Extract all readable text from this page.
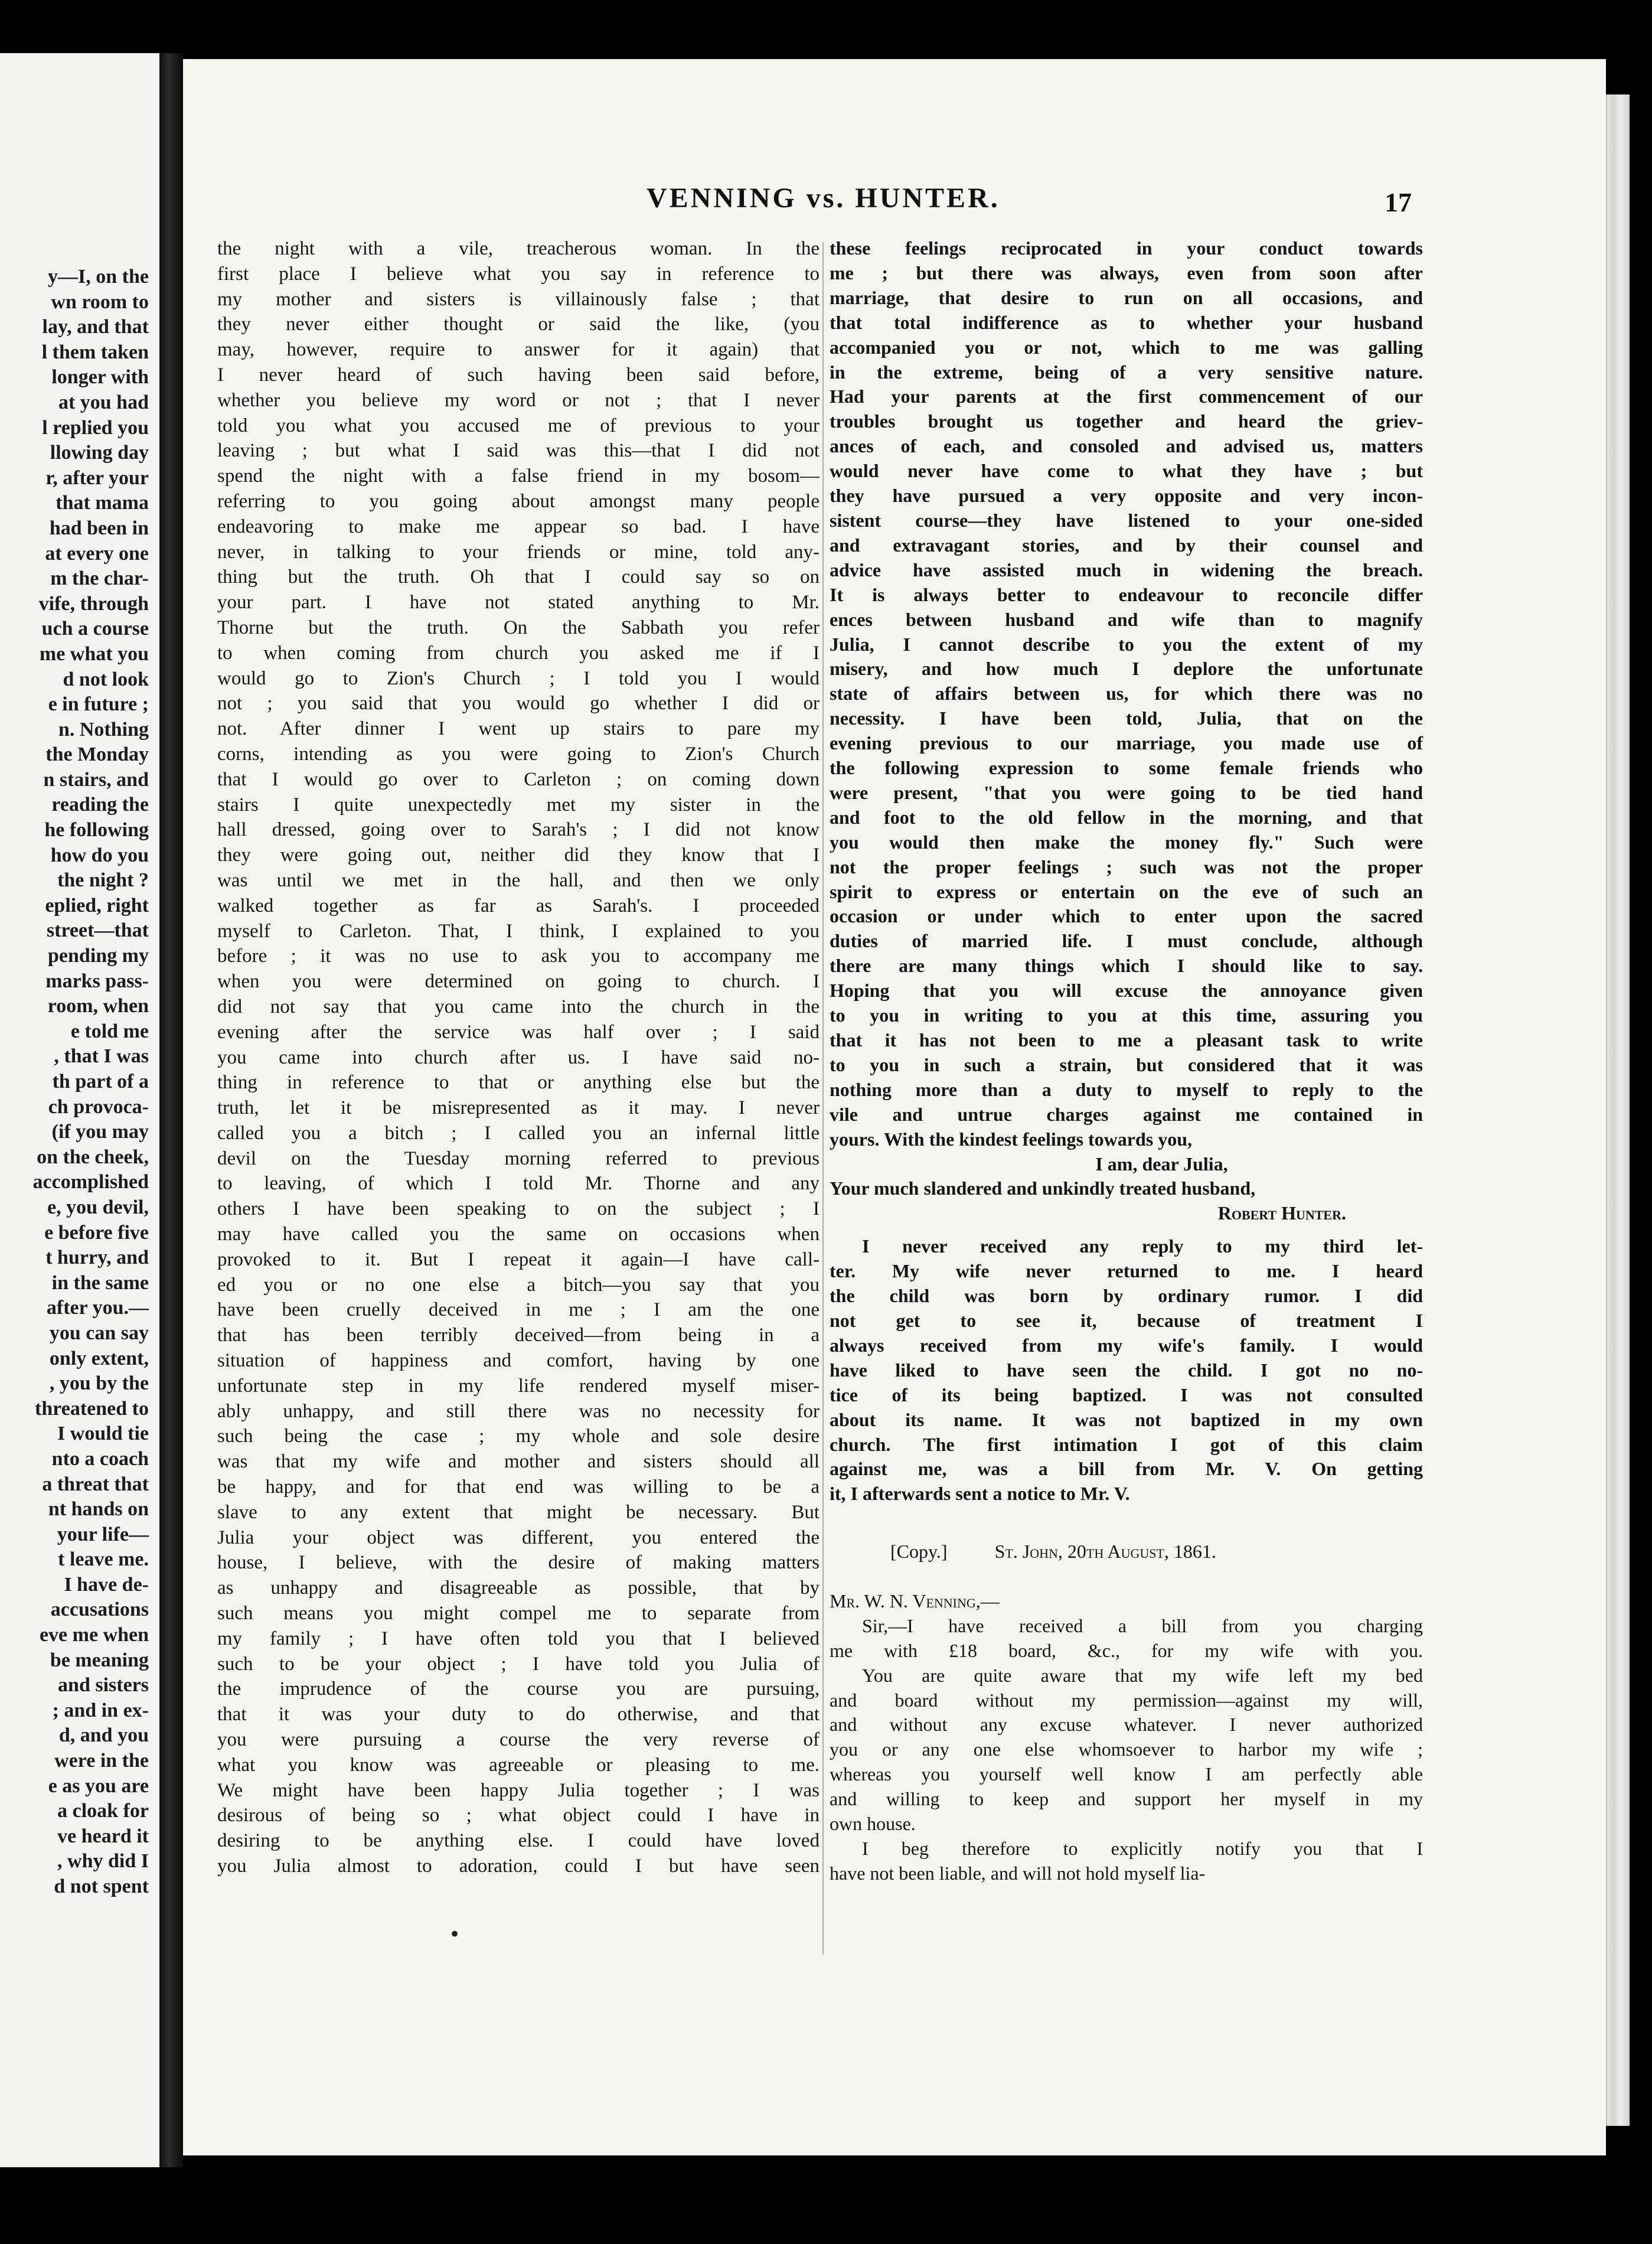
y—I, on the
wn room to
lay, and that
l them taken
longer with
at you had
l replied you
llowing day
r, after your
that mama
had been in
at every one
m the char-
vife, through
uch a course
me what you
d not look
e in future ;
n. Nothing
the Monday
n stairs, and
reading the
he following
how do you
the night ?
eplied, right
street—that
pending my
marks pass-
room, when
e told me
, that I was
th part of a
ch provoca-
(if you may
on the cheek,
accomplished
e, you devil,
e before five
t hurry, and
in the same
after you.—
you can say
only extent,
, you by the
threatened to
I would tie
nto a coach
a threat that
nt hands on
your life—
t leave me.
I have de-
accusations
eve me when
be meaning
and sisters
; and in ex-
d, and you
were in the
e as you are
a cloak for
ve heard it
, why did I
d not spent
VENNING vs. HUNTER.	17
the night with a vile, treacherous woman. In the
first place I believe what you say in reference to
my mother and sisters is villainously false ; that
they never either thought or said the like, (you
may, however, require to answer for it again) that
I never heard of such having been said before,
whether you believe my word or not ; that I never
told you what you accused me of previous to your
leaving ; but what I said was this—that I did not
spend the night with a false friend in my bosom—
referring to you going about amongst many people
endeavoring to make me appear so bad. I have
never, in talking to your friends or mine, told any-
thing but the truth. Oh that I could say so on
your part. I have not stated anything to Mr.
Thorne but the truth. On the Sabbath you refer
to when coming from church you asked me if I
would go to Zion's Church ; I told you I would
not ; you said that you would go whether I did or
not. After dinner I went up stairs to pare my
corns, intending as you were going to Zion's Church
that I would go over to Carleton ; on coming down
stairs I quite unexpectedly met my sister in the
hall dressed, going over to Sarah's ; I did not know
they were going out, neither did they know that I
was until we met in the hall, and then we only
walked together as far as Sarah's. I proceeded
myself to Carleton. That, I think, I explained to you
before ; it was no use to ask you to accompany me
when you were determined on going to church. I
did not say that you came into the church in the
evening after the service was half over ; I said
you came into church after us. I have said no-
thing in reference to that or anything else but the
truth, let it be misrepresented as it may. I never
called you a bitch ; I called you an infernal little
devil on the Tuesday morning referred to previous
to leaving, of which I told Mr. Thorne and any
others I have been speaking to on the subject ; I
may have called you the same on occasions when
provoked to it. But I repeat it again—I have call-
ed you or no one else a bitch—you say that you
have been cruelly deceived in me ; I am the one
that has been terribly deceived—from being in a
situation of happiness and comfort, having by one
unfortunate step in my life rendered myself miser-
ably unhappy, and still there was no necessity for
such being the case ; my whole and sole desire
was that my wife and mother and sisters should all
be happy, and for that end was willing to be a
slave to any extent that might be necessary. But
Julia your object was different, you entered the
house, I believe, with the desire of making matters
as unhappy and disagreeable as possible, that by
such means you might compel me to separate from
my family ; I have often told you that I believed
such to be your object ; I have told you Julia of
the imprudence of the course you are pursuing,
that it was your duty to do otherwise, and that
you were pursuing a course the very reverse of
what you know was agreeable or pleasing to me.
We might have been happy Julia together ; I was
desirous of being so ; what object could I have in
desiring to be anything else. I could have loved
you Julia almost to adoration, could I but have seen
these feelings reciprocated in your conduct towards
me ; but there was always, even from soon after
marriage, that desire to run on all occasions, and
that total indifference as to whether your husband
accompanied you or not, which to me was galling
in the extreme, being of a very sensitive nature.
Had your parents at the first commencement of our
troubles brought us together and heard the griev-
ances of each, and consoled and advised us, matters
would never have come to what they have ; but
they have pursued a very opposite and very incon-
sistent course—they have listened to your one-sided
and extravagant stories, and by their counsel and
advice have assisted much in widening the breach.
It is always better to endeavour to reconcile differ
ences between husband and wife than to magnify
Julia, I cannot describe to you the extent of my
misery, and how much I deplore the unfortunate
state of affairs between us, for which there was no
necessity. I have been told, Julia, that on the
evening previous to our marriage, you made use of
the following expression to some female friends who
were present, "that you were going to be tied hand
and foot to the old fellow in the morning, and that
you would then make the money fly." Such were
not the proper feelings ; such was not the proper
spirit to express or entertain on the eve of such an
occasion or under which to enter upon the sacred
duties of married life. I must conclude, although
there are many things which I should like to say.
Hoping that you will excuse the annoyance given
to you in writing to you at this time, assuring you
that it has not been to me a pleasant task to write
to you in such a strain, but considered that it was
nothing more than a duty to myself to reply to the
vile and untrue charges against me contained in
yours. With the kindest feelings towards you,
I am, dear Julia,
Your much slandered and unkindly treated husband,
Robert Hunter.
I never received any reply to my third let-
ter. My wife never returned to me. I heard
the child was born by ordinary rumor. I did
not get to see it, because of treatment I
always received from my wife's family. I would
have liked to have seen the child. I got no no-
tice of its being baptized. I was not consulted
about its name. It was not baptized in my own
church. The first intimation I got of this claim
against me, was a bill from Mr. V. On getting
it, I afterwards sent a notice to Mr. V.

[Copy.]	St. John, 20th August, 1861.

Mr. W. N. Venning,—
Sir,—I have received a bill from you charging
me with £18 board, &c., for my wife with you.
You are quite aware that my wife left my bed
and board without my permission—against my will,
and without any excuse whatever. I never authorized
you or any one else whomsoever to harbor my wife ;
whereas you yourself well know I am perfectly able
and willing to keep and support her myself in my
own house.
I beg therefore to explicitly notify you that I
have not been liable, and will not hold myself lia-
•
